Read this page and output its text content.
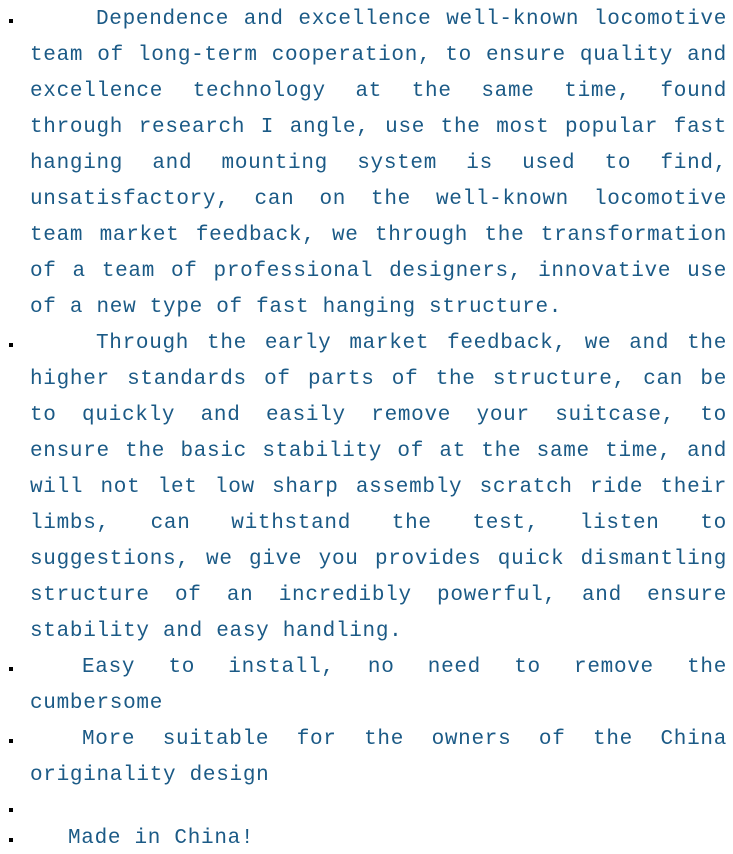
Dependence and excellence well-known locomotive team of long-term cooperation, to ensure quality and excellence technology at the same time, found through research I angle, use the most popular fast hanging and mounting system is used to find, unsatisfactory, can on the well-known locomotive team market feedback, we through the transformation of a team of professional designers, innovative use of a new type of fast hanging structure.
Through the early market feedback, we and the higher standards of parts of the structure, can be to quickly and easily remove your suitcase, to ensure the basic stability of at the same time, and will not let low sharp assembly scratch ride their limbs, can withstand the test, listen to suggestions, we give you provides quick dismantling structure of an incredibly powerful, and ensure stability and easy handling.
Easy to install, no need to remove the cumbersome
More suitable for the owners of the China originality design
Made in China!
